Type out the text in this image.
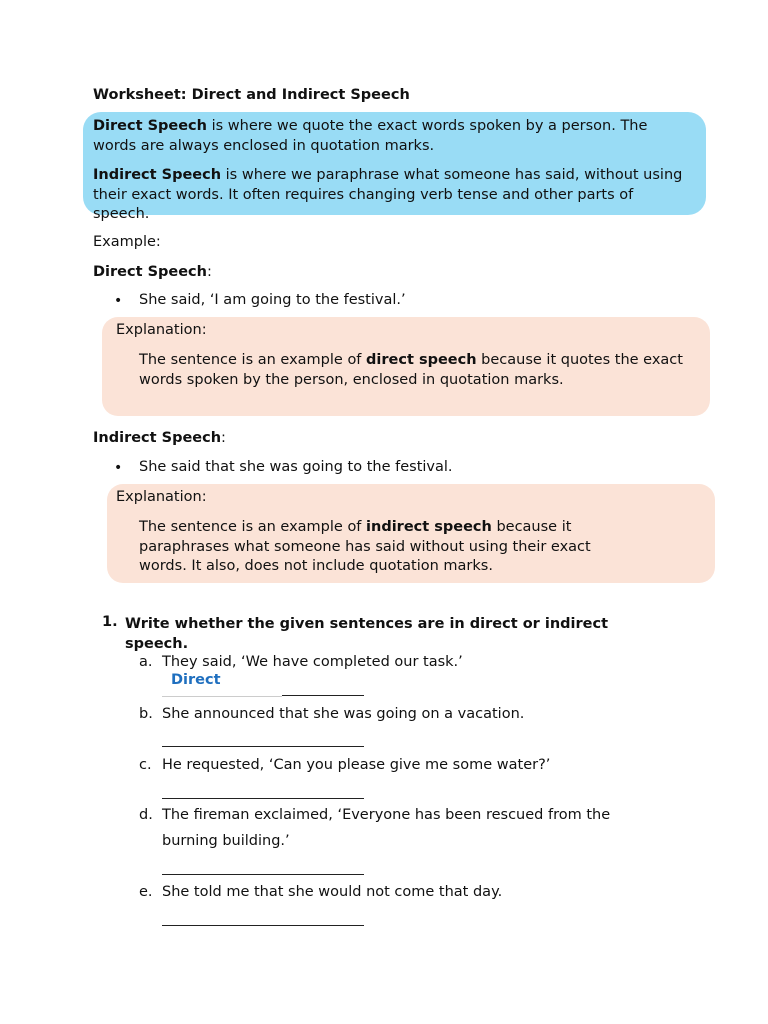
Worksheet: Direct and Indirect Speech
Direct Speech is where we quote the exact words spoken by a person. The words are always enclosed in quotation marks.
Indirect Speech is where we paraphrase what someone has said, without using their exact words. It often requires changing verb tense and other parts of speech.
Example:
Direct Speech:
• She said, ‘I am going to the festival.’
Explanation:
The sentence is an example of direct speech because it quotes the exact words spoken by the person, enclosed in quotation marks.
Indirect Speech:
• She said that she was going to the festival.
Explanation:
The sentence is an example of indirect speech because it paraphrases what someone has said without using their exact words. It also, does not include quotation marks.
1. Write whether the given sentences are in direct or indirect speech.
a. They said, ‘We have completed our task.’
Direct
b. She announced that she was going on a vacation.
c. He requested, ‘Can you please give me some water?’
d. The fireman exclaimed, ‘Everyone has been rescued from the
burning building.’
e. She told me that she would not come that day.
